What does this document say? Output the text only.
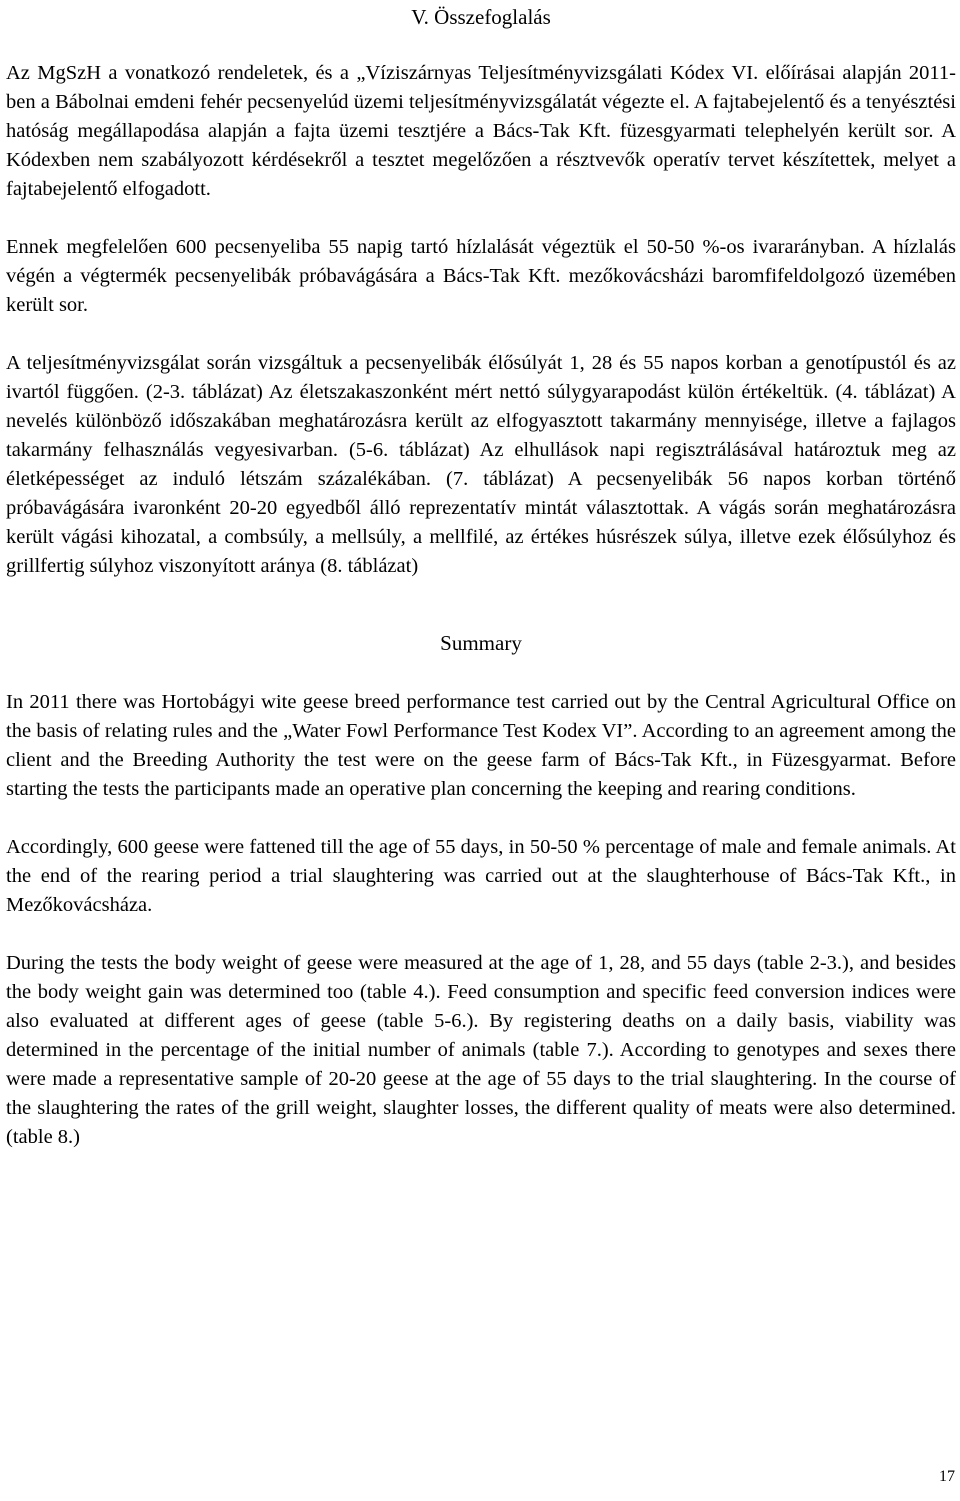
V. Összefoglalás

Az MgSzH a vonatkozó rendeletek, és a „Víziszárnyas Teljesítményvizsgálati Kódex VI. előírásai alapján 2011-ben a Bábolnai emdeni fehér pecsenyelúd üzemi teljesítményvizsgálatát végezte el. A fajtabejelentő és a tenyésztési hatóság megállapodása alapján a fajta üzemi tesztjére a Bács-Tak Kft. füzesgyarmati telephelyén került sor. A Kódexben nem szabályozott kérdésekről a tesztet megelőzően a résztvevők operatív tervet készítettek, melyet a fajtabejelentő elfogadott.

Ennek megfelelően 600 pecsenyeliba 55 napig tartó hízlalását végeztük el 50-50 %-os ivararányban. A hízlalás végén a végtermék pecsenyelibák próbavágására a Bács-Tak Kft. mezőkovácsházi baromfifeldolgozó üzemében került sor.

A teljesítményvizsgálat során vizsgáltuk a pecsenyelibák élősúlyát 1, 28 és 55 napos korban a genotípustól és az ivartól függően. (2-3. táblázat) Az életszakaszonként mért nettó súlygyarapodást külön értékeltük. (4. táblázat) A nevelés különböző időszakában meghatározásra került az elfogyasztott takarmány mennyisége, illetve a fajlagos takarmány felhasználás vegyesivarban. (5-6. táblázat) Az elhullások napi regisztrálásával határoztuk meg az életképességet az induló létszám százalékában. (7. táblázat) A pecsenyelibák 56 napos korban történő próbavágására ivaronként 20-20 egyedből álló reprezentatív mintát választottak. A vágás során meghatározásra került vágási kihozatal, a combsúly, a mellsúly, a mellfilé, az értékes húsrészek súlya, illetve ezek élősúlyhoz és grillfertig súlyhoz viszonyított aránya (8. táblázat)

Summary

In 2011 there was Hortobágyi wite geese breed performance test carried out by the Central Agricultural Office on the basis of relating rules and the „Water Fowl Performance Test Kodex VI”. According to an agreement among the client and the Breeding Authority the test were on the geese farm of Bács-Tak Kft., in Füzesgyarmat. Before starting the tests the participants made an operative plan concerning the keeping and rearing conditions.

Accordingly, 600 geese were fattened till the age of 55 days, in 50-50 % percentage of male and female animals. At the end of the rearing period a trial slaughtering was carried out at the slaughterhouse of Bács-Tak Kft., in Mezőkovácsháza.

During the tests the body weight of geese were measured at the age of 1, 28, and 55 days (table 2-3.), and besides the body weight gain was determined too (table 4.). Feed consumption and specific feed conversion indices were also evaluated at different ages of geese (table 5-6.). By registering deaths on a daily basis, viability was determined in the percentage of the initial number of animals (table 7.). According to genotypes and sexes there were made a representative sample of 20-20 geese at the age of 55 days to the trial slaughtering. In the course of the slaughtering the rates of the grill weight, slaughter losses, the different quality of meats were also determined. (table 8.)

17
